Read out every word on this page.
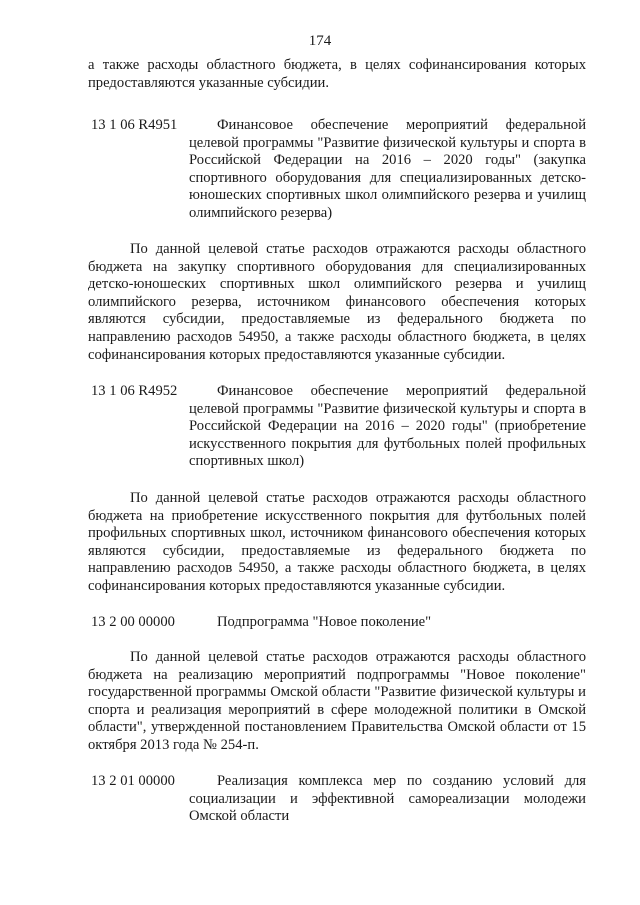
174
а также расходы областного бюджета, в целях софинансирования которых предоставляются указанные субсидии.
13 1 06 R4951	Финансовое обеспечение мероприятий федеральной целевой программы "Развитие физической культуры и спорта в Российской Федерации на 2016 – 2020 годы" (закупка спортивного оборудования для специализированных детско-юношеских спортивных школ олимпийского резерва и училищ олимпийского резерва)
По данной целевой статье расходов отражаются расходы областного бюджета на закупку спортивного оборудования для специализированных детско-юношеских спортивных школ олимпийского резерва и училищ олимпийского резерва, источником финансового обеспечения которых являются субсидии, предоставляемые из федерального бюджета по направлению расходов 54950, а также расходы областного бюджета, в целях софинансирования которых предоставляются указанные субсидии.
13 1 06 R4952	Финансовое обеспечение мероприятий федеральной целевой программы "Развитие физической культуры и спорта в Российской Федерации на 2016 – 2020 годы" (приобретение искусственного покрытия для футбольных полей профильных спортивных школ)
По данной целевой статье расходов отражаются расходы областного бюджета на приобретение искусственного покрытия для футбольных полей профильных спортивных школ, источником финансового обеспечения которых являются субсидии, предоставляемые из федерального бюджета по направлению расходов 54950, а также расходы областного бюджета, в целях софинансирования которых предоставляются указанные субсидии.
13 2 00 00000	Подпрограмма "Новое поколение"
По данной целевой статье расходов отражаются расходы областного бюджета на реализацию мероприятий подпрограммы "Новое поколение" государственной программы Омской области "Развитие физической культуры и спорта и реализация мероприятий в сфере молодежной политики в Омской области", утвержденной постановлением Правительства Омской области от 15 октября 2013 года № 254-п.
13 2 01 00000	Реализация комплекса мер по созданию условий для социализации и эффективной самореализации молодежи Омской области
